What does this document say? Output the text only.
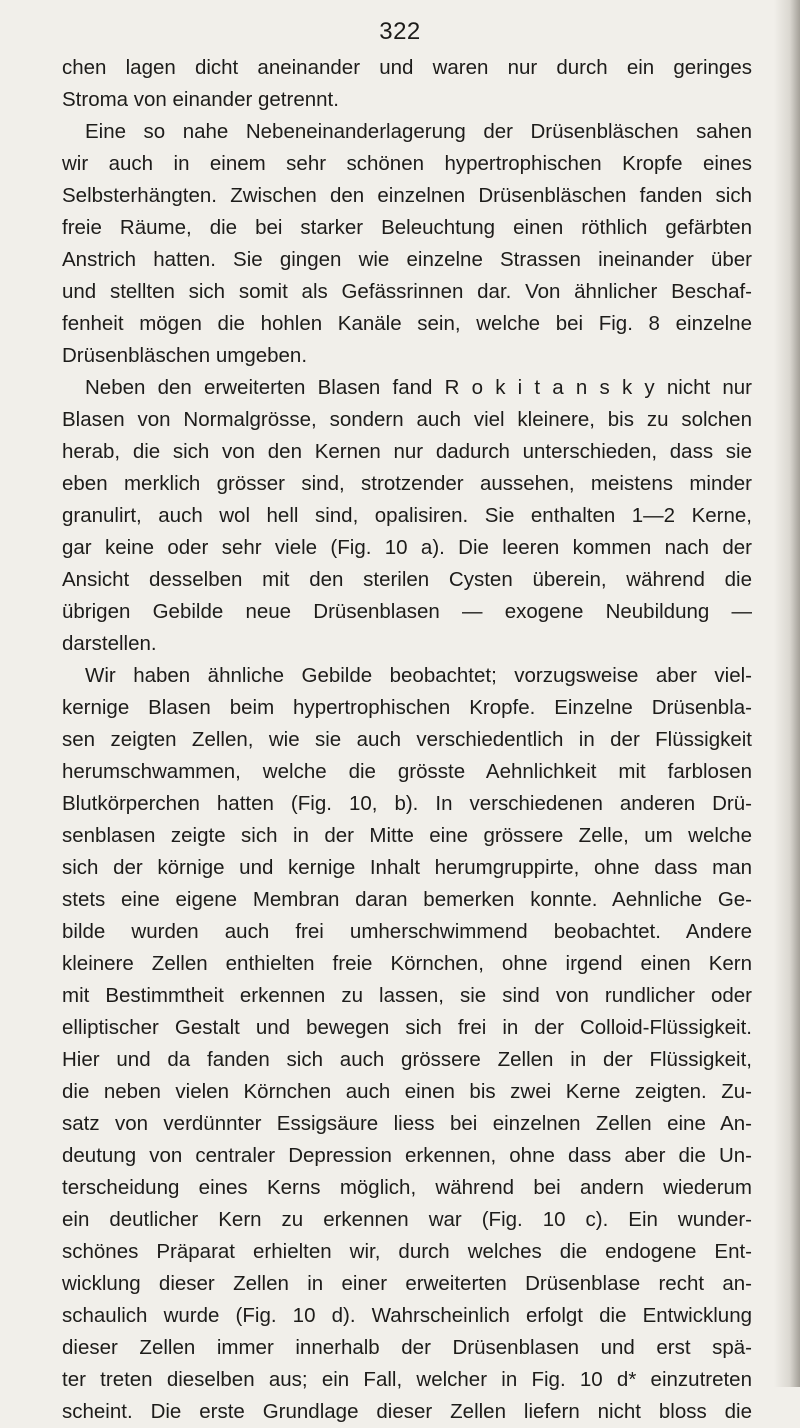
322
chen lagen dicht aneinander und waren nur durch ein geringes
Stroma von einander getrennt.
Eine so nahe Nebeneinanderlagerung der Drüsenbläschen sahen
wir auch in einem sehr schönen hypertrophischen Kropfe eines
Selbsterhängten. Zwischen den einzelnen Drüsenbläschen fanden sich
freie Räume, die bei starker Beleuchtung einen röthlich gefärbten
Anstrich hatten. Sie gingen wie einzelne Strassen ineinander über
und stellten sich somit als Gefässrinnen dar. Von ähnlicher Beschaf-
fenheit mögen die hohlen Kanäle sein, welche bei Fig. 8 einzelne
Drüsenbläschen umgeben.
Neben den erweiterten Blasen fand R o k i t a n s k y nicht nur
Blasen von Normalgrösse, sondern auch viel kleinere, bis zu solchen
herab, die sich von den Kernen nur dadurch unterschieden, dass sie
eben merklich grösser sind, strotzender aussehen, meistens minder
granulirt, auch wol hell sind, opalisiren. Sie enthalten 1—2 Kerne,
gar keine oder sehr viele (Fig. 10 a). Die leeren kommen nach der
Ansicht desselben mit den sterilen Cysten überein, während die
übrigen Gebilde neue Drüsenblasen — exogene Neubildung —
darstellen.
Wir haben ähnliche Gebilde beobachtet; vorzugsweise aber viel-
kernige Blasen beim hypertrophischen Kropfe. Einzelne Drüsenbla-
sen zeigten Zellen, wie sie auch verschiedentlich in der Flüssigkeit
herumschwammen, welche die grösste Aehnlichkeit mit farblosen
Blutkörperchen hatten (Fig. 10, b). In verschiedenen anderen Drü-
senblasen zeigte sich in der Mitte eine grössere Zelle, um welche
sich der körnige und kernige Inhalt herumgruppirte, ohne dass man
stets eine eigene Membran daran bemerken konnte. Aehnliche Ge-
bilde wurden auch frei umherschwimmend beobachtet. Andere
kleinere Zellen enthielten freie Körnchen, ohne irgend einen Kern
mit Bestimmtheit erkennen zu lassen, sie sind von rundlicher oder
elliptischer Gestalt und bewegen sich frei in der Colloid-Flüssigkeit.
Hier und da fanden sich auch grössere Zellen in der Flüssigkeit,
die neben vielen Körnchen auch einen bis zwei Kerne zeigten. Zu-
satz von verdünnter Essigsäure liess bei einzelnen Zellen eine An-
deutung von centraler Depression erkennen, ohne dass aber die Un-
terscheidung eines Kerns möglich, während bei andern wiederum
ein deutlicher Kern zu erkennen war (Fig. 10 c). Ein wunder-
schönes Präparat erhielten wir, durch welches die endogene Ent-
wicklung dieser Zellen in einer erweiterten Drüsenblase recht an-
schaulich wurde (Fig. 10 d). Wahrscheinlich erfolgt die Entwicklung
dieser Zellen immer innerhalb der Drüsenblasen und erst spä-
ter treten dieselben aus; ein Fall, welcher in Fig. 10 d* einzutreten
scheint. Die erste Grundlage dieser Zellen liefern nicht bloss die
